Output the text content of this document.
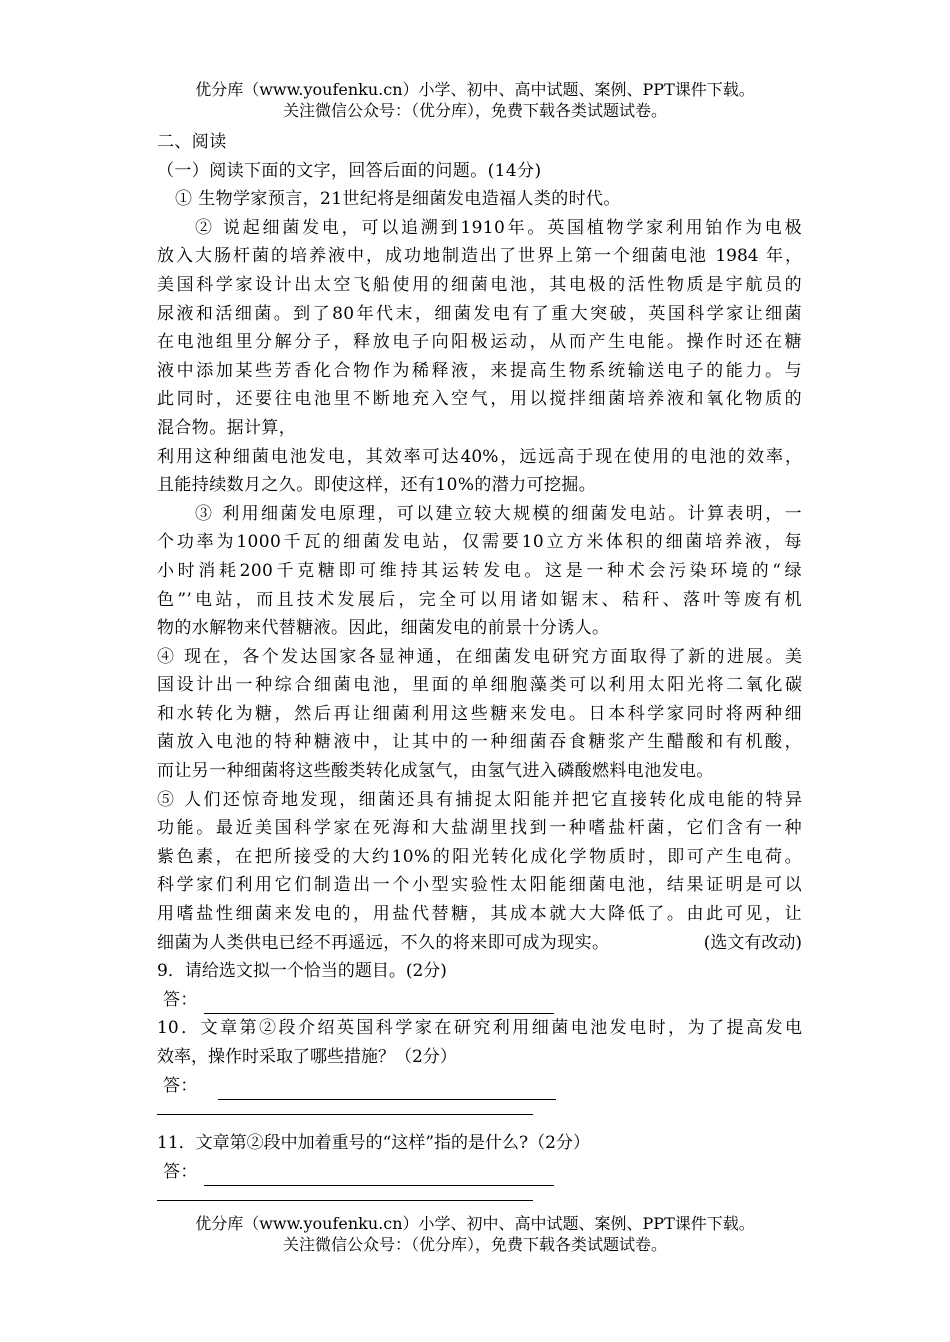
优分库（www.youfenku.cn）小学、初中、高中试题、案例、PPT课件下载。
关注微信公众号：（优分库），免费下载各类试题试卷。
二、阅读
（一）阅读下面的文字，回答后面的问题。(14分)
① 生物学家预言，21世纪将是细菌发电造福人类的时代。
② 说起细菌发电，可以追溯到1910年。英国植物学家利用铂作为电极
放入大肠杆菌的培养液中，成功地制造出了世界上第一个细菌电池 1984 年，
美国科学家设计出太空飞船使用的细菌电池，其电极的活性物质是宇航员的
尿液和活细菌。到了80年代末，细菌发电有了重大突破，英国科学家让细菌
在电池组里分解分子，释放电子向阳极运动，从而产生电能。操作时还在糖
液中添加某些芳香化合物作为稀释液，来提高生物系统输送电子的能力。与
此同时，还要往电池里不断地充入空气，用以搅拌细菌培养液和氧化物质的
混合物。据计算，
利用这种细菌电池发电，其效率可达40%，远远高于现在使用的电池的效率，
且能持续数月之久。即使这样，还有10%的潜力可挖掘。
③ 利用细菌发电原理，可以建立较大规模的细菌发电站。计算表明，一
个功率为1000千瓦的细菌发电站，仅需要10立方米体积的细菌培养液，每
小时消耗200千克糖即可维持其运转发电。这是一种术会污染环境的“绿
色”’电站，而且技术发展后，完全可以用诸如锯末、秸秆、落叶等废有机
物的水解物来代替糖液。因此，细菌发电的前景十分诱人。
④ 现在，各个发达国家各显神通，在细菌发电研究方面取得了新的进展。美
国设计出一种综合细菌电池，里面的单细胞藻类可以利用太阳光将二氧化碳
和水转化为糖，然后再让细菌利用这些糖来发电。日本科学家同时将两种细
菌放入电池的特种糖液中，让其中的一种细菌吞食糖浆产生醋酸和有机酸，
而让另一种细菌将这些酸类转化成氢气，由氢气进入磷酸燃料电池发电。
⑤ 人们还惊奇地发现，细菌还具有捕捉太阳能并把它直接转化成电能的特异
功能。最近美国科学家在死海和大盐湖里找到一种嗜盐杆菌，它们含有一种
紫色素，在把所接受的大约10%的阳光转化成化学物质时，即可产生电荷。
科学家们利用它们制造出一个小型实验性太阳能细菌电池，结果证明是可以
用嗜盐性细菌来发电的，用盐代替糖，其成本就大大降低了。由此可见，让
细菌为人类供电已经不再遥远，不久的将来即可成为现实。	(选文有改动)
9．请给选文拟一个恰当的题目。(2分)
答：
10．文章第②段介绍英国科学家在研究利用细菌电池发电时，为了提高发电
效率，操作时采取了哪些措施？（2分）
答：
11．文章第②段中加着重号的“这样”指的是什么?（2分）
答：
优分库（www.youfenku.cn）小学、初中、高中试题、案例、PPT课件下载。
关注微信公众号：（优分库），免费下载各类试题试卷。
